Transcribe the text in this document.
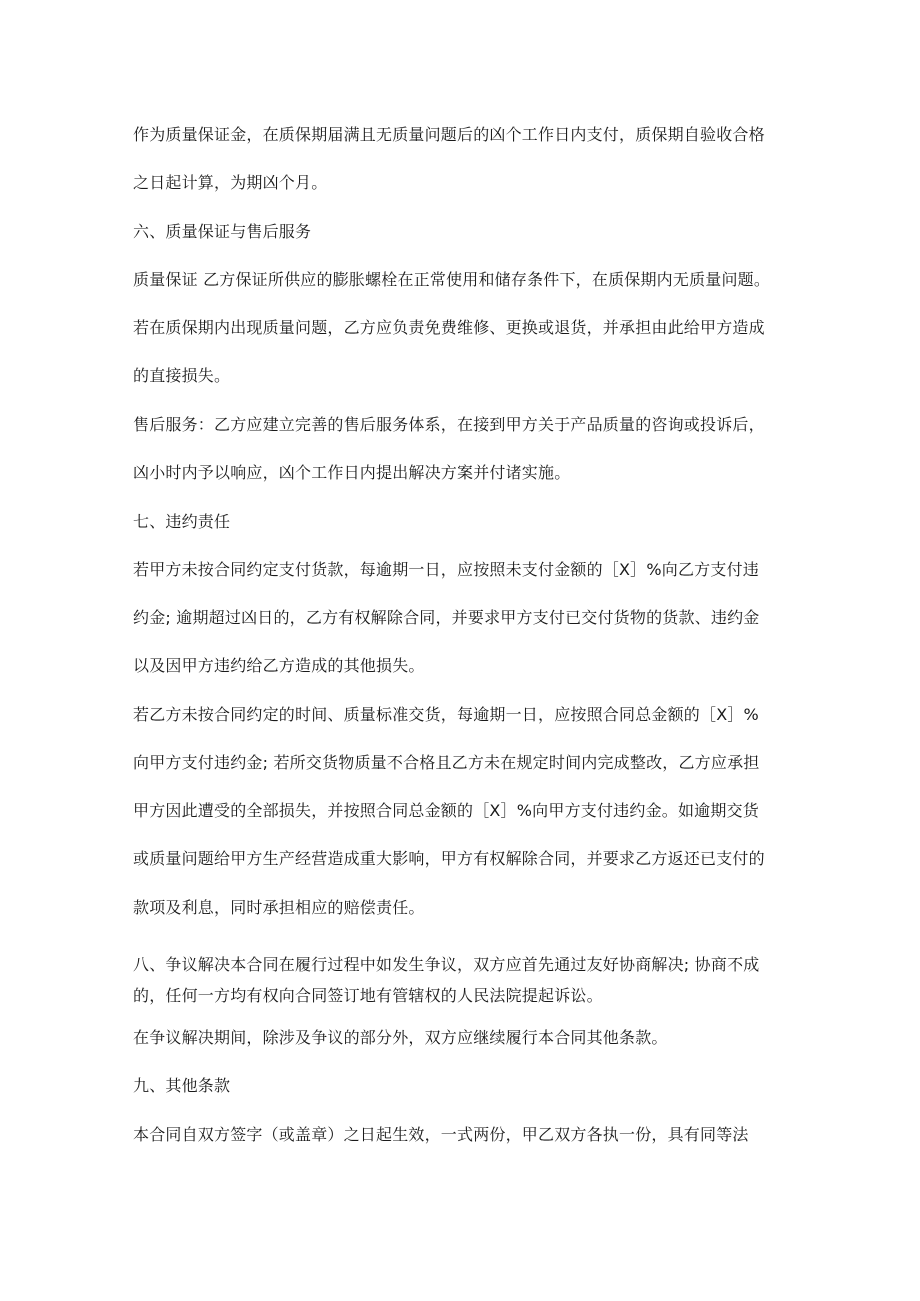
作为质量保证金，在质保期届满且无质量问题后的凶个工作日内支付，质保期自验收合格
之日起计算，为期凶个月。
六、质量保证与售后服务
质量保证 乙方保证所供应的膨胀螺栓在正常使用和储存条件下，在质保期内无质量问题。
若在质保期内出现质量问题，乙方应负责免费维修、更换或退货，并承担由此给甲方造成
的直接损失。
售后服务：乙方应建立完善的售后服务体系，在接到甲方关于产品质量的咨询或投诉后，
凶小时内予以响应，凶个工作日内提出解决方案并付诸实施。
七、违约责任
若甲方未按合同约定支付货款，每逾期一日，应按照未支付金额的［X］%向乙方支付违
约金; 逾期超过凶日的，乙方有权解除合同，并要求甲方支付已交付货物的货款、违约金
以及因甲方违约给乙方造成的其他损失。
若乙方未按合同约定的时间、质量标准交货，每逾期一日，应按照合同总金额的［X］%
向甲方支付违约金; 若所交货物质量不合格且乙方未在规定时间内完成整改，乙方应承担
甲方因此遭受的全部损失，并按照合同总金额的［X］%向甲方支付违约金。如逾期交货
或质量问题给甲方生产经营造成重大影响，甲方有权解除合同，并要求乙方返还已支付的
款项及利息，同时承担相应的赔偿责任。
八、争议解决本合同在履行过程中如发生争议，双方应首先通过友好协商解决; 协商不成
的，任何一方均有权向合同签订地有管辖权的人民法院提起诉讼。
在争议解决期间，除涉及争议的部分外，双方应继续履行本合同其他条款。
九、其他条款
本合同自双方签字（或盖章）之日起生效，一式两份，甲乙双方各执一份，具有同等法
